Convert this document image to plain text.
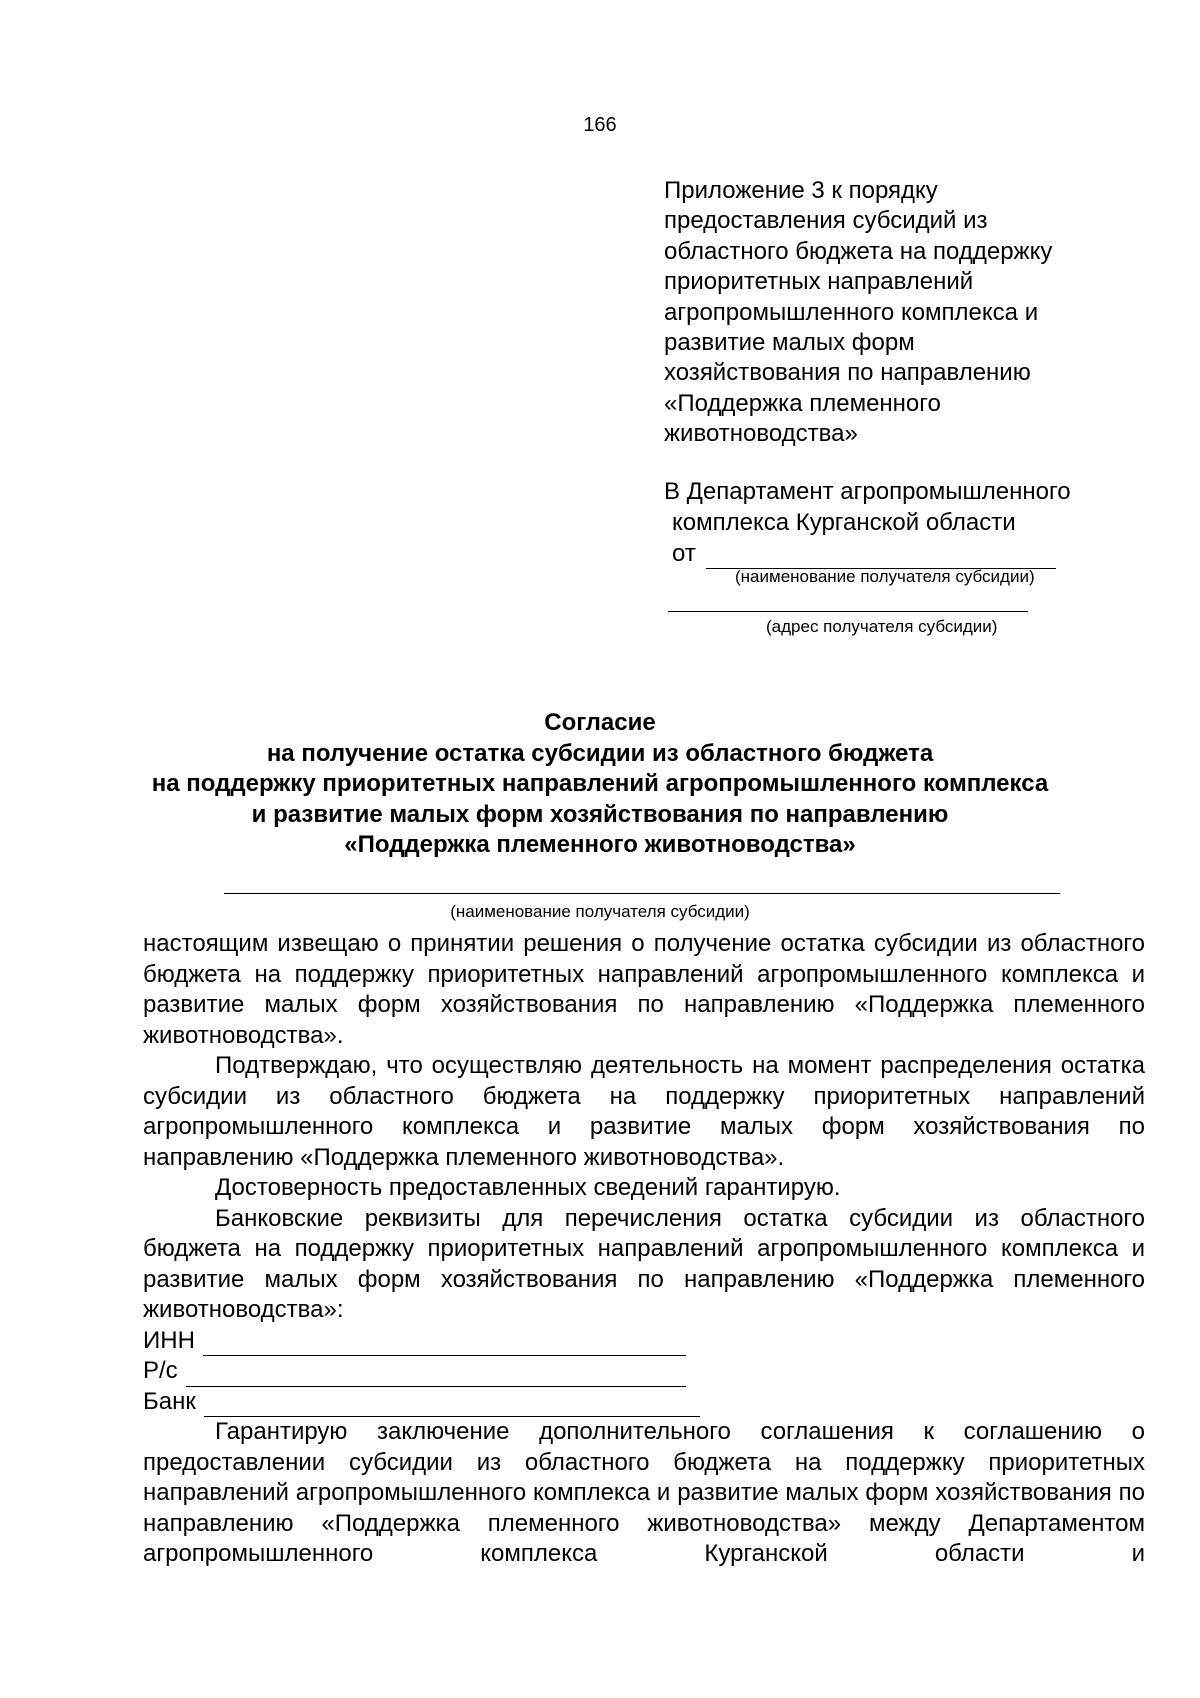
166
Приложение 3 к порядку
предоставления субсидий из
областного бюджета на поддержку
приоритетных направлений
агропромышленного комплекса и
развитие малых форм
хозяйствования по направлению
«Поддержка племенного
животноводства»
В Департамент агропромышленного
комплекса Курганской области
от
(наименование получателя субсидии)
(адрес получателя субсидии)
Согласие
на получение остатка субсидии из областного бюджета
на поддержку приоритетных направлений агропромышленного комплекса
и развитие малых форм хозяйствования по направлению
«Поддержка племенного животноводства»
(наименование получателя субсидии)

настоящим извещаю о принятии решения о получение остатка субсидии из областного бюджета на поддержку приоритетных направлений агропромышленного комплекса и развитие малых форм хозяйствования по направлению «Поддержка племенного животноводства».

Подтверждаю, что осуществляю деятельность на момент распределения остатка субсидии из областного бюджета на поддержку приоритетных направлений агропромышленного комплекса и развитие малых форм хозяйствования по направлению «Поддержка племенного животноводства».

Достоверность предоставленных сведений гарантирую.

Банковские реквизиты для перечисления остатка субсидии из областного бюджета на поддержку приоритетных направлений агропромышленного комплекса и развитие малых форм хозяйствования по направлению «Поддержка племенного животноводства»:

ИНН
Р/с
Банк

Гарантирую заключение дополнительного соглашения к соглашению о предоставлении субсидии из областного бюджета на поддержку приоритетных направлений агропромышленного комплекса и развитие малых форм хозяйствования по направлению «Поддержка племенного животноводства» между Департаментом агропромышленного комплекса Курганской области и
